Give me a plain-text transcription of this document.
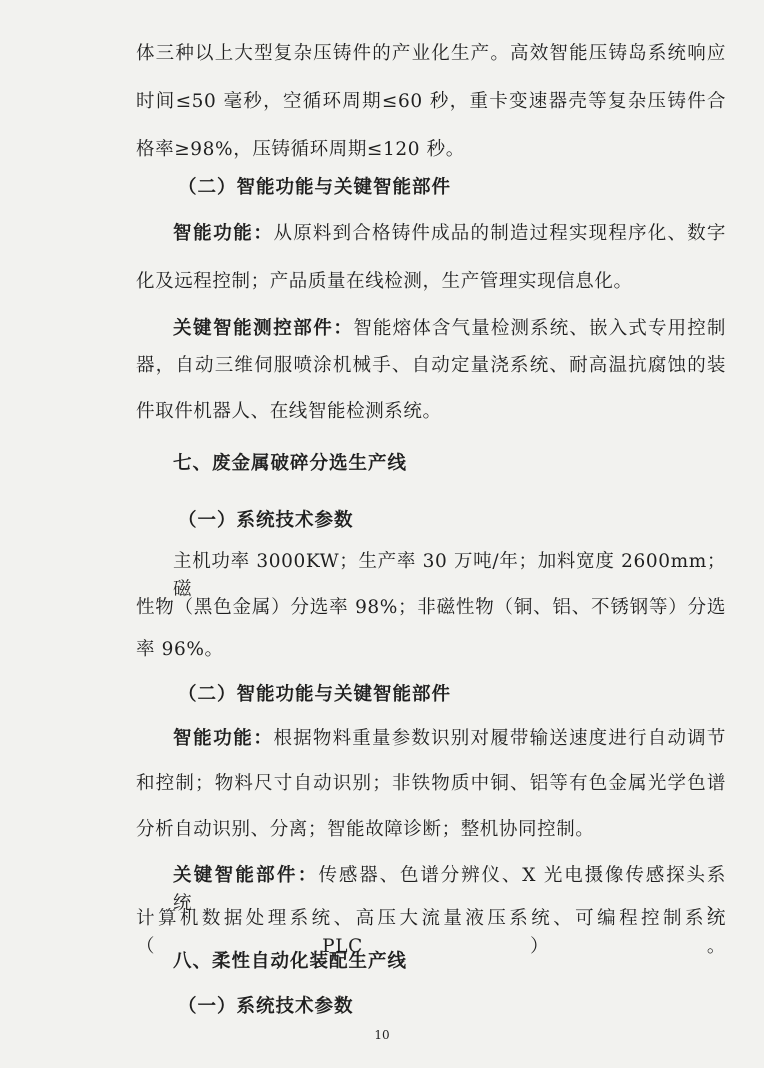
体三种以上大型复杂压铸件的产业化生产。高效智能压铸岛系统响应
时间≤50 毫秒，空循环周期≤60 秒，重卡变速器壳等复杂压铸件合
格率≥98%，压铸循环周期≤120 秒。
（二）智能功能与关键智能部件
智能功能：从原料到合格铸件成品的制造过程实现程序化、数字
化及远程控制；产品质量在线检测，生产管理实现信息化。
关键智能测控部件：智能熔体含气量检测系统、嵌入式专用控制
器，自动三维伺服喷涂机械手、自动定量浇系统、耐高温抗腐蚀的装
件取件机器人、在线智能检测系统。
七、废金属破碎分选生产线
（一）系统技术参数
主机功率 3000KW；生产率 30 万吨/年；加料宽度 2600mm；磁
性物（黑色金属）分选率 98%；非磁性物（铜、铝、不锈钢等）分选
率 96%。
（二）智能功能与关键智能部件
智能功能：根据物料重量参数识别对履带输送速度进行自动调节
和控制；物料尺寸自动识别；非铁物质中铜、铝等有色金属光学色谱
分析自动识别、分离；智能故障诊断；整机协同控制。
关键智能部件：传感器、色谱分辨仪、X 光电摄像传感探头系统、
计算机数据处理系统、高压大流量液压系统、可编程控制系统（PLC）。
八、柔性自动化装配生产线
（一）系统技术参数
10
